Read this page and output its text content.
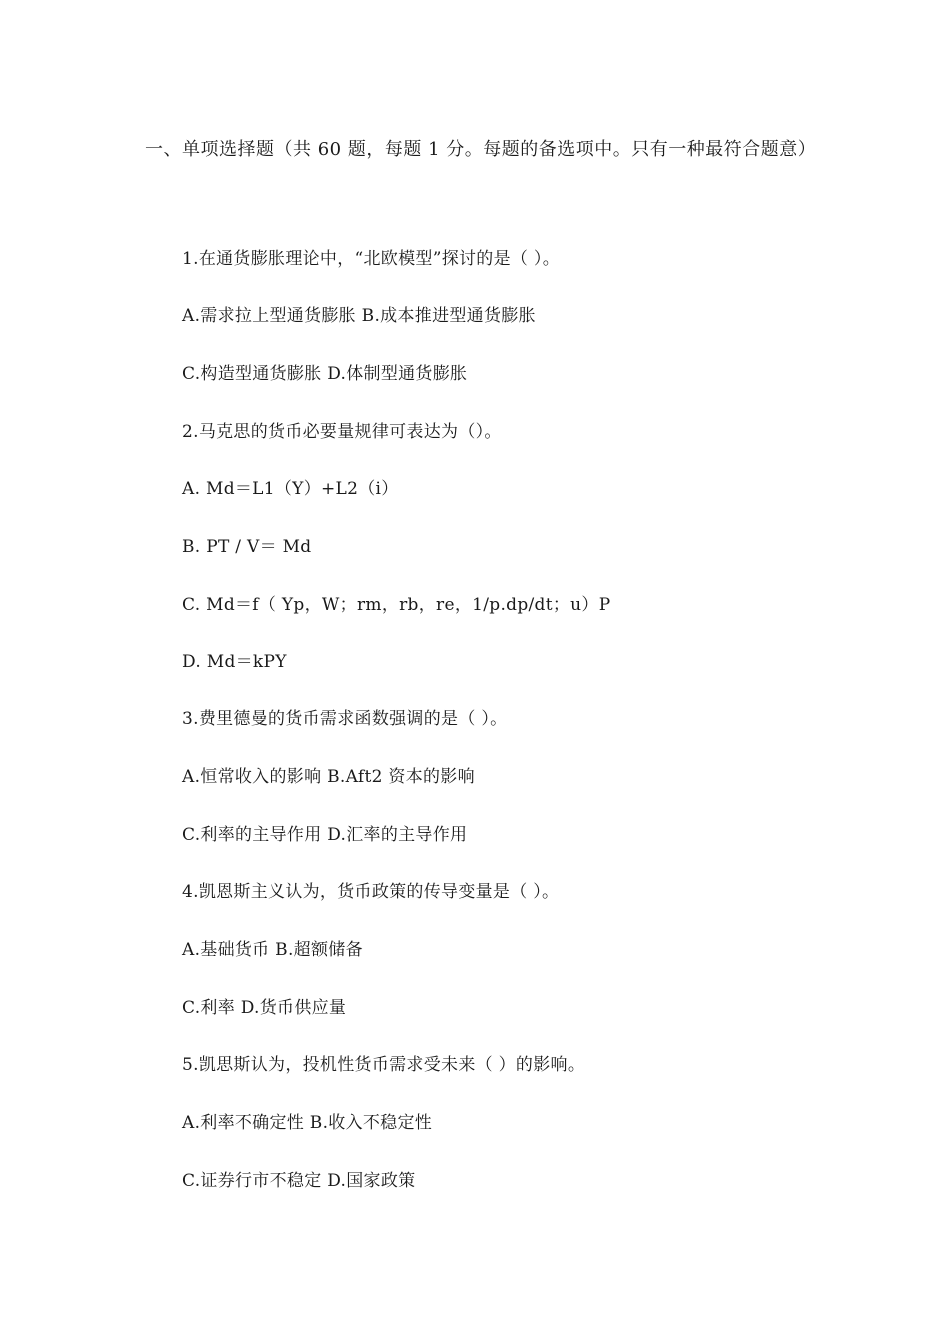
一、单项选择题（共 60 题，每题 1 分。每题的备选项中。只有一种最符合题意）

1.在通货膨胀理论中，“北欧模型”探讨的是（ ）。
A.需求拉上型通货膨胀 B.成本推进型通货膨胀
C.构造型通货膨胀 D.体制型通货膨胀
2.马克思的货币必要量规律可表达为（）。
A. Md＝L1（Y）+L2（i）
B. PT / V＝ Md
C. Md＝f（ Yp，W；rm，rb，re，1/p.dp/dt；u）P
D. Md＝kPY
3.费里德曼的货币需求函数强调的是（ ）。
A.恒常收入的影响 B.Aft2 资本的影响
C.利率的主导作用 D.汇率的主导作用
4.凯恩斯主义认为，货币政策的传导变量是（ ）。
A.基础货币 B.超额储备
C.利率 D.货币供应量
5.凯思斯认为，投机性货币需求受未来（ ）的影响。
A.利率不确定性 B.收入不稳定性
C.证券行市不稳定 D.国家政策
